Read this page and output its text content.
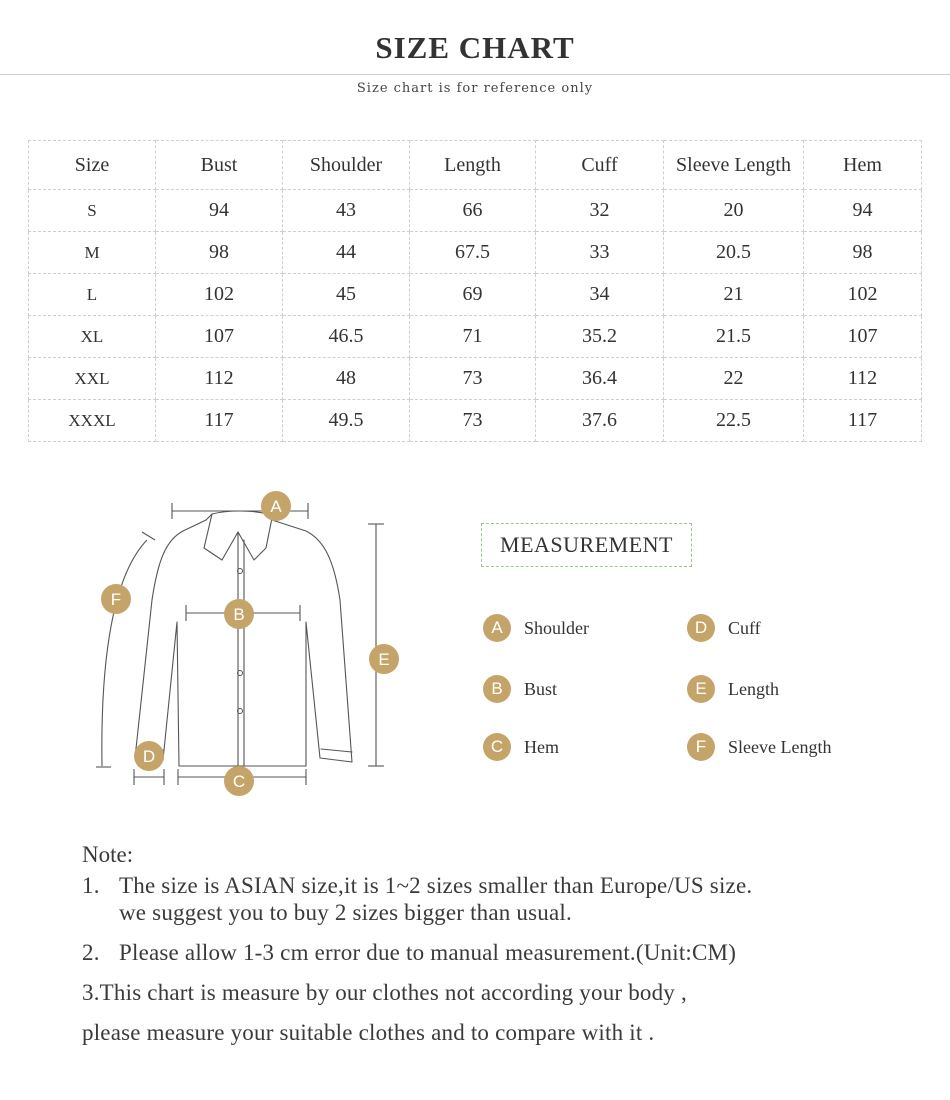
SIZE CHART
Size chart is for reference only
Size	Bust	Shoulder	Length	Cuff	Sleeve Length	Hem
S	94	43	66	32	20	94
M	98	44	67.5	33	20.5	98
L	102	45	69	34	21	102
XL	107	46.5	71	35.2	21.5	107
XXL	112	48	73	36.4	22	112
XXXL	117	49.5	73	37.6	22.5	117
A
B
C
D
E
F
MEASUREMENT
A	Shoulder
B	Bust
C	Hem
D	Cuff
E	Length
F	Sleeve Length
Note:
1. The size is ASIAN size,it is 1~2 sizes smaller than Europe/US size.
we suggest you to buy 2 sizes bigger than usual.
2. Please allow 1-3 cm error due to manual measurement.(Unit:CM)
3.This chart is measure by our clothes not according your body ,
please measure your suitable clothes and to compare with it .
